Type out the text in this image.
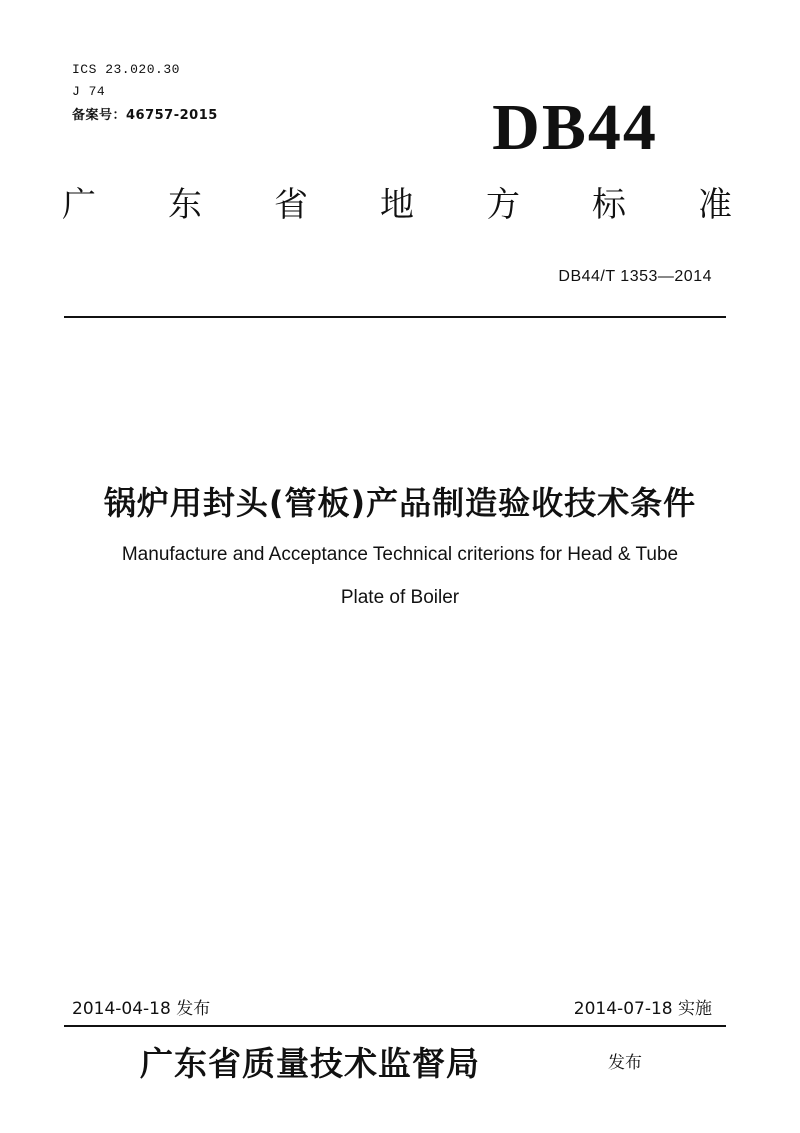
ICS 23.020.30
J 74
备案号：46757-2015	DB44
广 东 省 地 方 标 准
DB44/T 1353—2014
锅炉用封头(管板)产品制造验收技术条件
Manufacture and Acceptance Technical criterions for Head & Tube
Plate of Boiler
2014-04-18 发布	2014-07-18 实施
广东省质量技术监督局	发布
